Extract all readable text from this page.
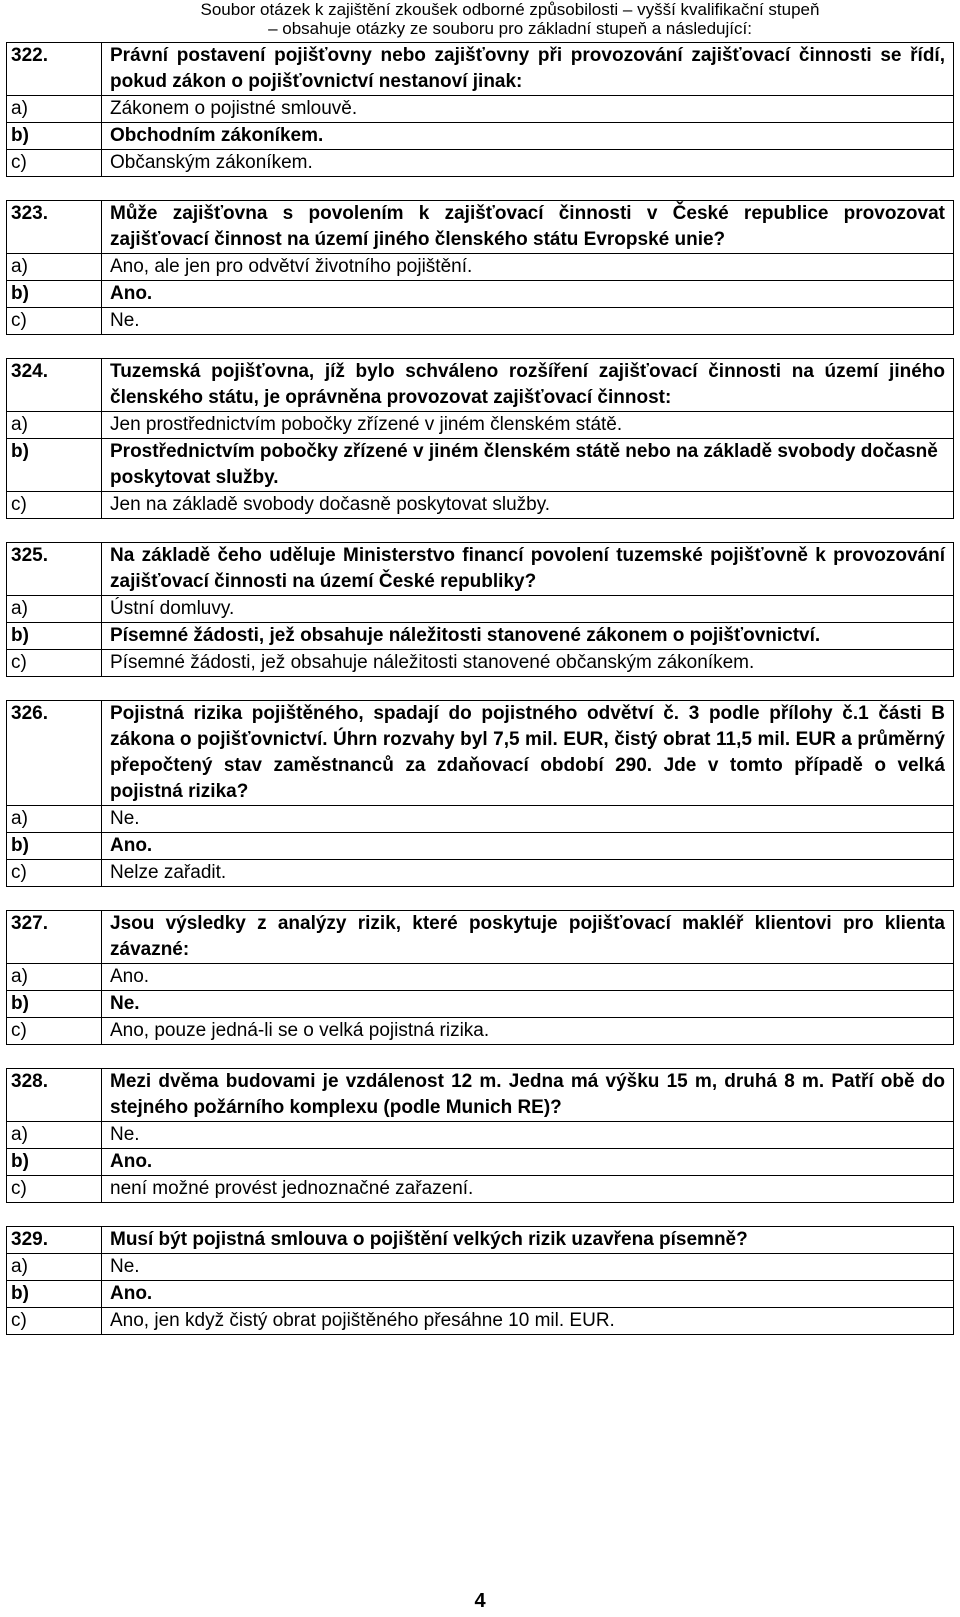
Soubor otázek k zajištění zkoušek odborné způsobilosti – vyšší kvalifikační stupeň
– obsahuje otázky ze souboru pro základní stupeň a následující:
322.	Právní postavení pojišťovny nebo zajišťovny při provozování zajišťovací činnosti se řídí, pokud zákon o pojišťovnictví nestanoví jinak:
a)	Zákonem o pojistné smlouvě.
b)	Obchodním zákoníkem.
c)	Občanským zákoníkem.
323.	Může zajišťovna s povolením k zajišťovací činnosti v České republice provozovat zajišťovací činnost na území jiného členského státu Evropské unie?
a)	Ano, ale jen pro odvětví životního pojištění.
b)	Ano.
c)	Ne.
324.	Tuzemská pojišťovna, jíž bylo schváleno rozšíření zajišťovací činnosti na území jiného členského státu, je oprávněna provozovat zajišťovací činnost:
a)	Jen prostřednictvím pobočky zřízené v jiném členském státě.
b)	Prostřednictvím pobočky zřízené v jiném členském státě nebo na základě svobody dočasně poskytovat služby.
c)	Jen na základě svobody dočasně poskytovat služby.
325.	Na základě čeho uděluje Ministerstvo financí povolení tuzemské pojišťovně k provozování zajišťovací činnosti na území České republiky?
a)	Ústní domluvy.
b)	Písemné žádosti, jež obsahuje náležitosti stanovené zákonem o pojišťovnictví.
c)	Písemné žádosti, jež obsahuje náležitosti stanovené občanským zákoníkem.
326.	Pojistná rizika pojištěného, spadají do pojistného odvětví č. 3 podle přílohy č.1 části B zákona o pojišťovnictví. Úhrn rozvahy byl 7,5 mil. EUR, čistý obrat 11,5 mil. EUR a průměrný přepočtený stav zaměstnanců za zdaňovací období 290. Jde v tomto případě o velká pojistná rizika?
a)	Ne.
b)	Ano.
c)	Nelze zařadit.
327.	Jsou výsledky z analýzy rizik, které poskytuje pojišťovací makléř klientovi pro klienta závazné:
a)	Ano.
b)	Ne.
c)	Ano, pouze jedná-li se o velká pojistná rizika.
328.	Mezi dvěma budovami je vzdálenost 12 m. Jedna má výšku 15 m, druhá 8 m. Patří obě do stejného požárního komplexu (podle Munich RE)?
a)	Ne.
b)	Ano.
c)	není možné provést jednoznačné zařazení.
329.	Musí být pojistná smlouva o pojištění velkých rizik uzavřena písemně?
a)	Ne.
b)	Ano.
c)	Ano, jen když čistý obrat pojištěného přesáhne 10 mil. EUR.
4
